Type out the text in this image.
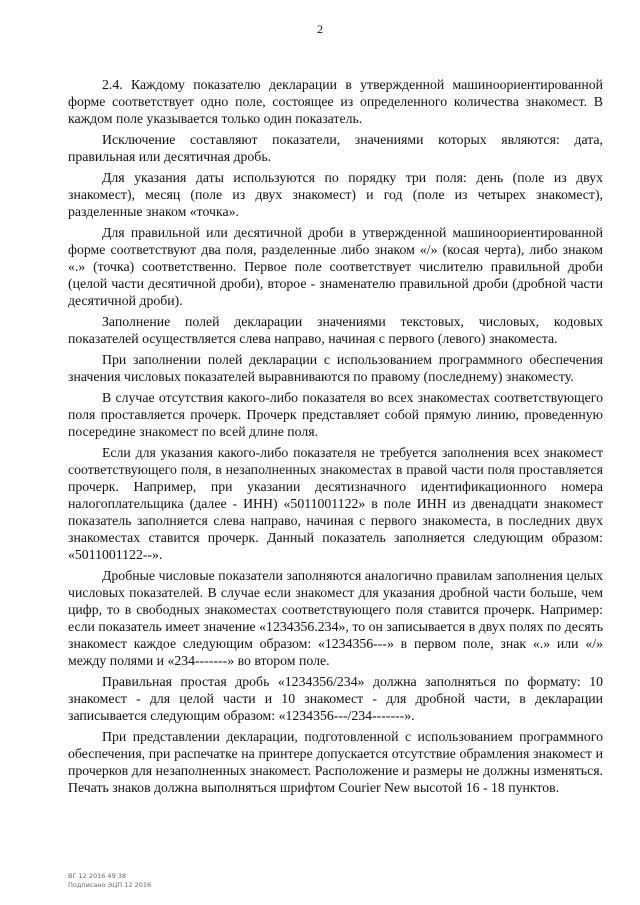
2

2.4. Каждому показателю декларации в утвержденной машиноориентированной форме соответствует одно поле, состоящее из определенного количества знакомест. В каждом поле указывается только один показатель.

Исключение составляют показатели, значениями которых являются: дата, правильная или десятичная дробь.

Для указания даты используются по порядку три поля: день (поле из двух знакомест), месяц (поле из двух знакомест) и год (поле из четырех знакомест), разделенные знаком «точка».

Для правильной или десятичной дроби в утвержденной машиноориентированной форме соответствуют два поля, разделенные либо знаком «/» (косая черта), либо знаком «.» (точка) соответственно. Первое поле соответствует числителю правильной дроби (целой части десятичной дроби), второе - знаменателю правильной дроби (дробной части десятичной дроби).

Заполнение полей декларации значениями текстовых, числовых, кодовых показателей осуществляется слева направо, начиная с первого (левого) знакоместа.

При заполнении полей декларации с использованием программного обеспечения значения числовых показателей выравниваются по правому (последнему) знакоместу.

В случае отсутствия какого-либо показателя во всех знакоместах соответствующего поля проставляется прочерк. Прочерк представляет собой прямую линию, проведенную посередине знакомест по всей длине поля.

Если для указания какого-либо показателя не требуется заполнения всех знакомест соответствующего поля, в незаполненных знакоместах в правой части поля проставляется прочерк. Например, при указании десятизначного идентификационного номера налогоплательщика (далее - ИНН) «5011001122» в поле ИНН из двенадцати знакомест показатель заполняется слева направо, начиная с первого знакоместа, в последних двух знакоместах ставится прочерк. Данный показатель заполняется следующим образом: «5011001122--».

Дробные числовые показатели заполняются аналогично правилам заполнения целых числовых показателей. В случае если знакомест для указания дробной части больше, чем цифр, то в свободных знакоместах соответствующего поля ставится прочерк. Например: если показатель имеет значение «1234356.234», то он записывается в двух полях по десять знакомест каждое следующим образом: «1234356---» в первом поле, знак «.» или «/» между полями и «234-------» во втором поле.

Правильная простая дробь «1234356/234» должна заполняться по формату: 10 знакомест - для целой части и 10 знакомест - для дробной части, в декларации записывается следующим образом: «1234356---/234-------».

При представлении декларации, подготовленной с использованием программного обеспечения, при распечатке на принтере допускается отсутствие обрамления знакомест и прочерков для незаполненных знакомест. Расположение и размеры не должны изменяться. Печать знаков должна выполняться шрифтом Courier New высотой 16 - 18 пунктов.

ВГ 12 2016 49 38
Подписано ЭЦП 12 2016
